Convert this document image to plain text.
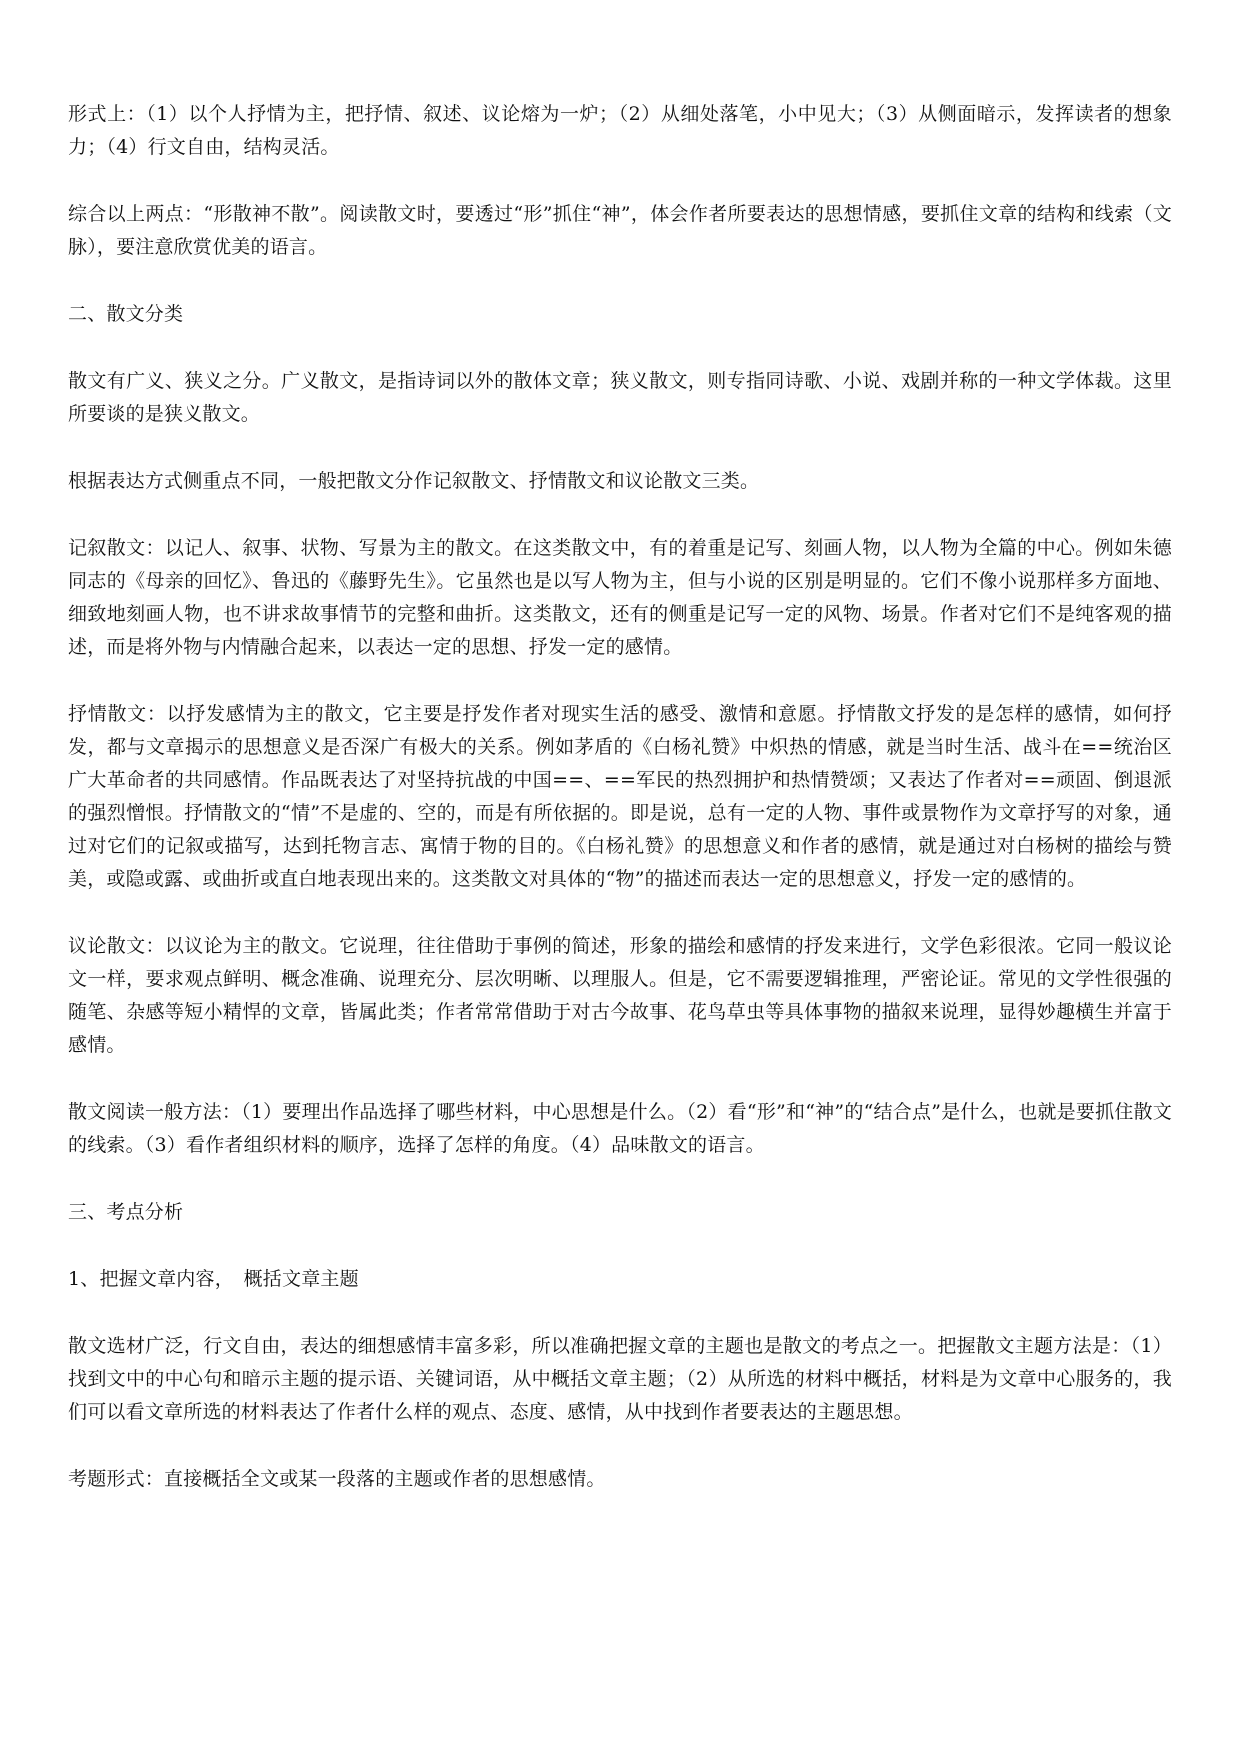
形式上：（1）以个人抒情为主，把抒情、叙述、议论熔为一炉；（2）从细处落笔，小中见大；（3）从侧面暗示，发挥读者的想象力；（4）行文自由，结构灵活。

综合以上两点：“形散神不散”。阅读散文时，要透过“形”抓住“神”，体会作者所要表达的思想情感，要抓住文章的结构和线索（文脉），要注意欣赏优美的语言。

二、散文分类

散文有广义、狭义之分。广义散文，是指诗词以外的散体文章；狭义散文，则专指同诗歌、小说、戏剧并称的一种文学体裁。这里所要谈的是狭义散文。

根据表达方式侧重点不同，一般把散文分作记叙散文、抒情散文和议论散文三类。

记叙散文：以记人、叙事、状物、写景为主的散文。在这类散文中，有的着重是记写、刻画人物，以人物为全篇的中心。例如朱德同志的《母亲的回忆》、鲁迅的《藤野先生》。它虽然也是以写人物为主，但与小说的区别是明显的。它们不像小说那样多方面地、细致地刻画人物，也不讲求故事情节的完整和曲折。这类散文，还有的侧重是记写一定的风物、场景。作者对它们不是纯客观的描述，而是将外物与内情融合起来，以表达一定的思想、抒发一定的感情。

抒情散文：以抒发感情为主的散文，它主要是抒发作者对现实生活的感受、激情和意愿。抒情散文抒发的是怎样的感情，如何抒发，都与文章揭示的思想意义是否深广有极大的关系。例如茅盾的《白杨礼赞》中炽热的情感，就是当时生活、战斗在==统治区广大革命者的共同感情。作品既表达了对坚持抗战的中国==、==军民的热烈拥护和热情赞颂；又表达了作者对==顽固、倒退派的强烈憎恨。抒情散文的“情”不是虚的、空的，而是有所依据的。即是说，总有一定的人物、事件或景物作为文章抒写的对象，通过对它们的记叙或描写，达到托物言志、寓情于物的目的。《白杨礼赞》的思想意义和作者的感情，就是通过对白杨树的描绘与赞美，或隐或露、或曲折或直白地表现出来的。这类散文对具体的“物”的描述而表达一定的思想意义，抒发一定的感情的。

议论散文：以议论为主的散文。它说理，往往借助于事例的简述，形象的描绘和感情的抒发来进行，文学色彩很浓。它同一般议论文一样，要求观点鲜明、概念准确、说理充分、层次明晰、以理服人。但是，它不需要逻辑推理，严密论证。常见的文学性很强的随笔、杂感等短小精悍的文章，皆属此类；作者常常借助于对古今故事、花鸟草虫等具体事物的描叙来说理，显得妙趣横生并富于感情。

散文阅读一般方法：（1）要理出作品选择了哪些材料，中心思想是什么。（2）看“形”和“神”的“结合点”是什么，也就是要抓住散文的线索。（3）看作者组织材料的顺序，选择了怎样的角度。（4）品味散文的语言。

三、考点分析

1、把握文章内容，　概括文章主题

散文选材广泛，行文自由，表达的细想感情丰富多彩，所以准确把握文章的主题也是散文的考点之一。把握散文主题方法是：（1）找到文中的中心句和暗示主题的提示语、关键词语，从中概括文章主题；（2）从所选的材料中概括，材料是为文章中心服务的，我们可以看文章所选的材料表达了作者什么样的观点、态度、感情，从中找到作者要表达的主题思想。

考题形式：直接概括全文或某一段落的主题或作者的思想感情。
